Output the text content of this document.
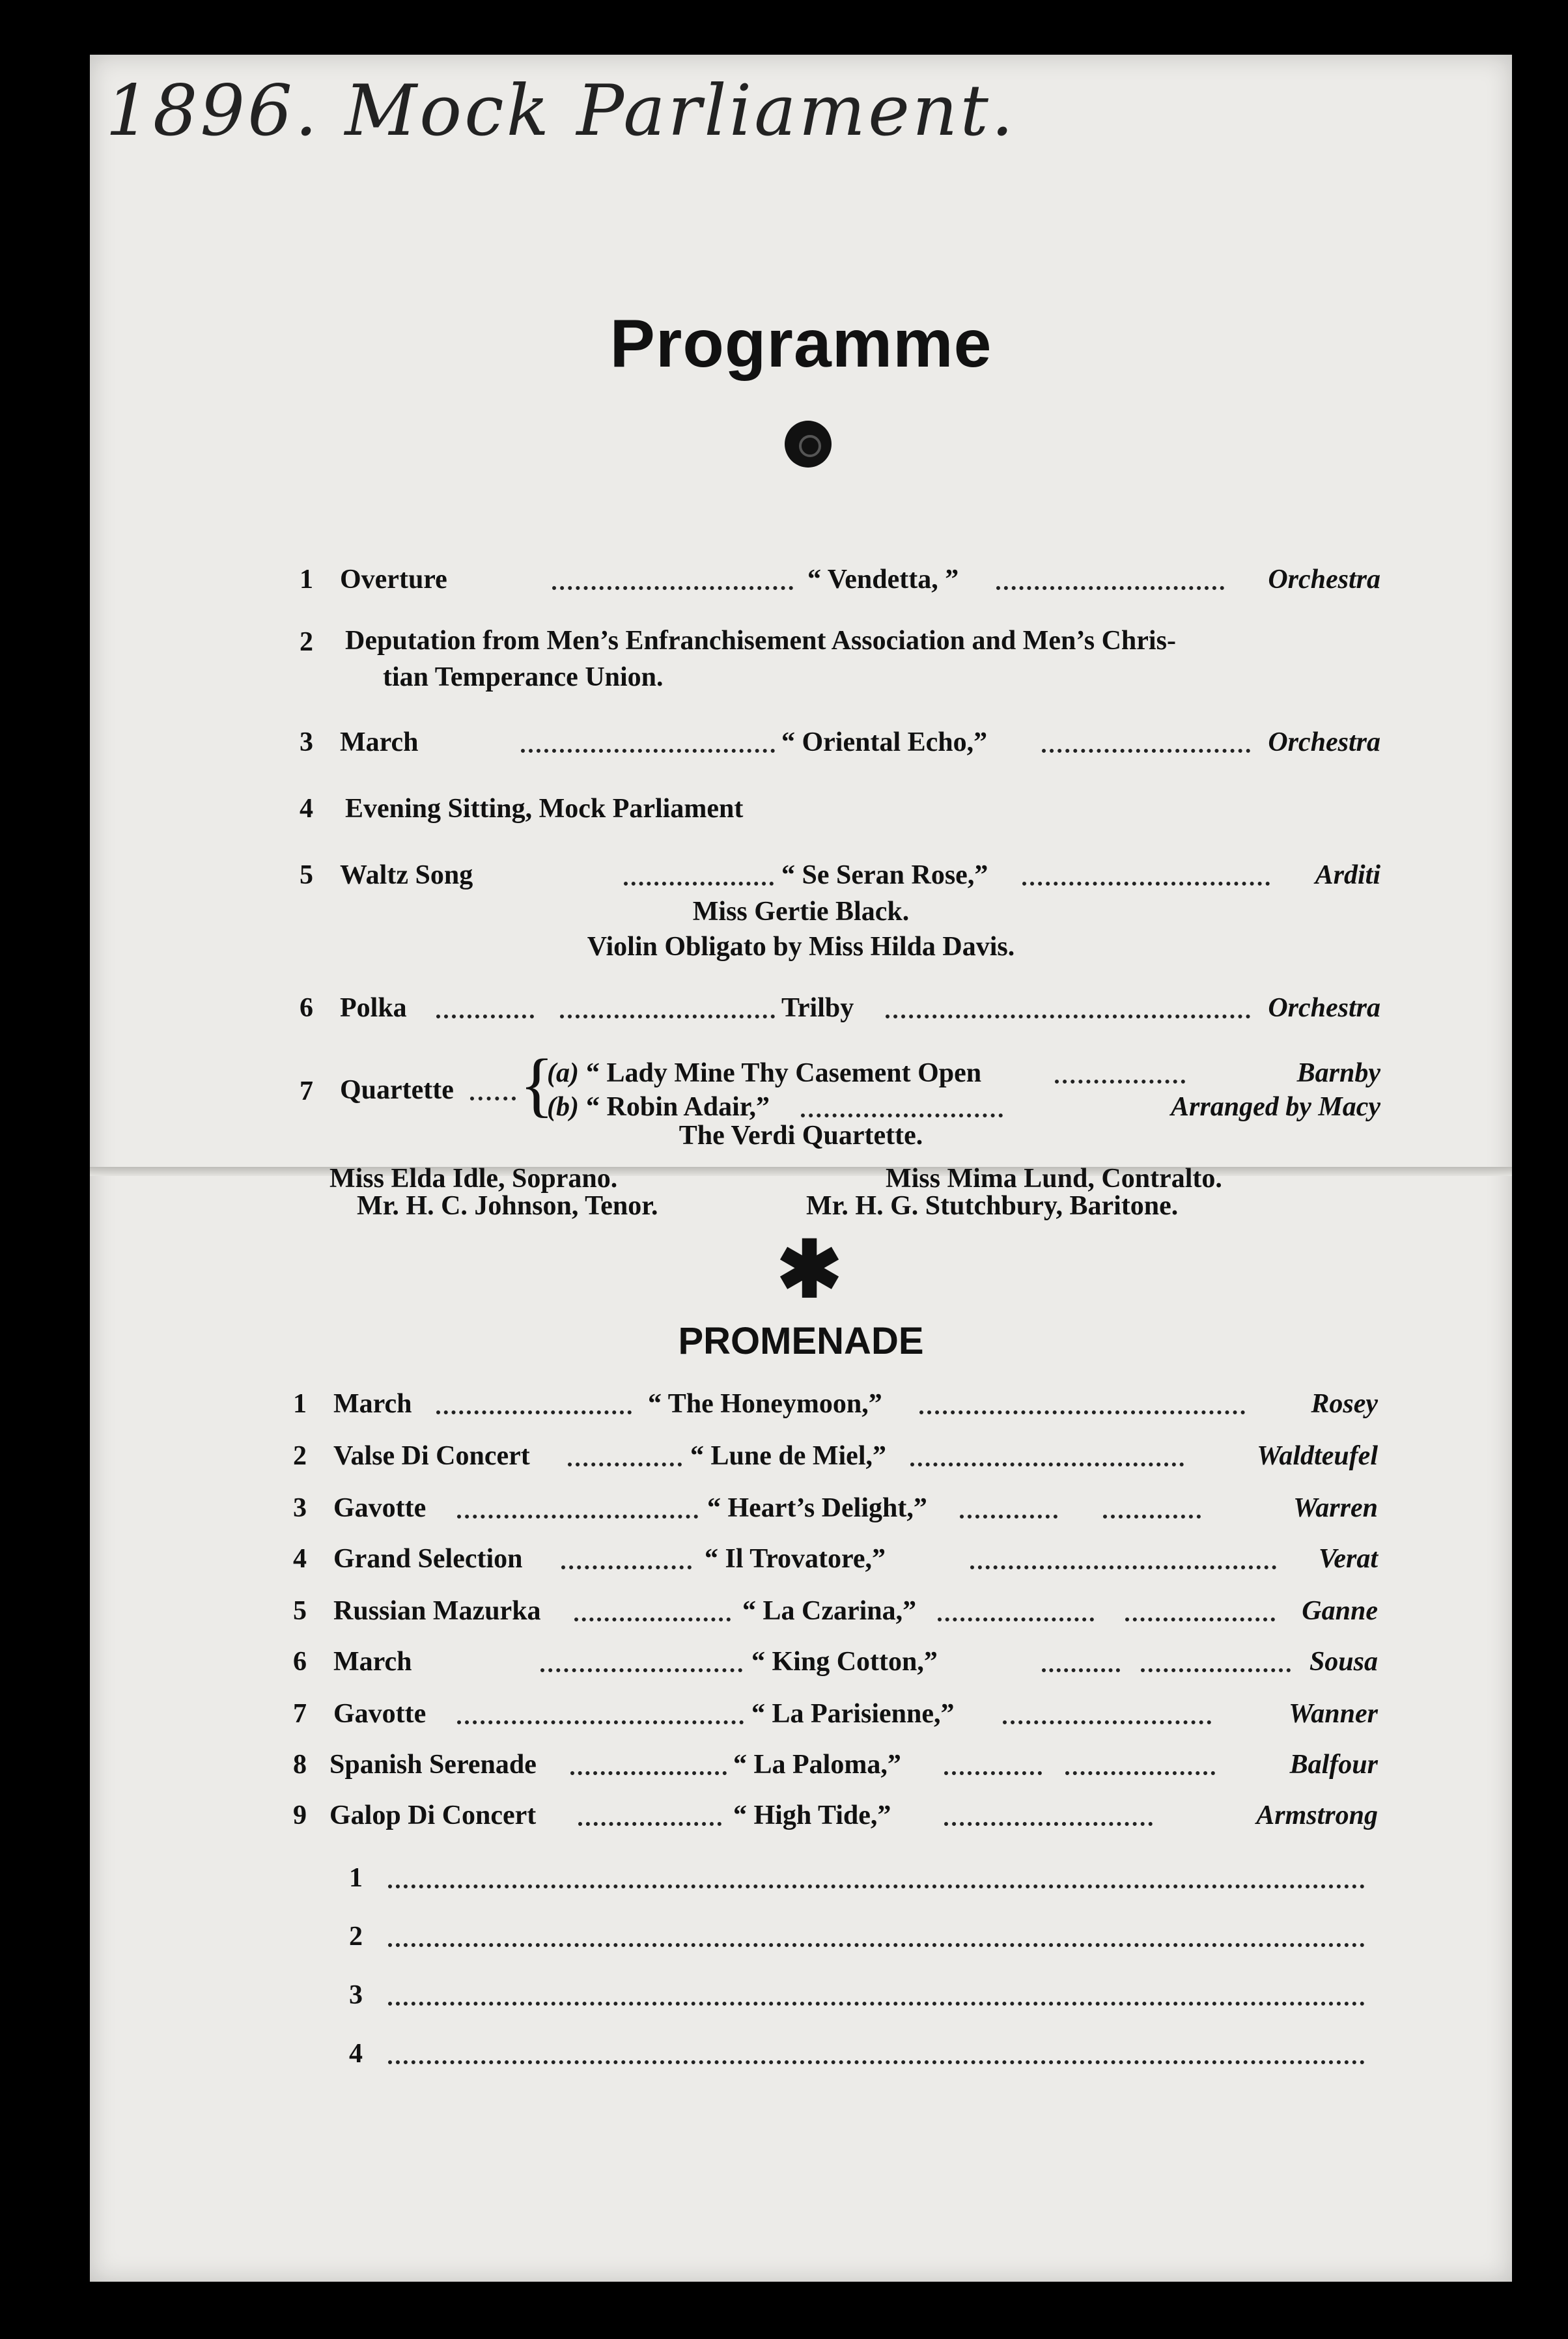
1896. Mock Parliament.
Programme
1 Overture	“ Vendetta, ”	Orchestra
2	Deputation from Men’s Enfranchisement Association and Men’s Chris-
tian Temperance Union.
3 March	“ Oriental Echo,”	Orchestra
4	Evening Sitting, Mock Parliament
5 Waltz Song	“ Se Seran Rose,”	Arditi
Miss Gertie Black.
Violin Obligato by Miss Hilda Davis.
6 Polka	Trilby	Orchestra
7 Quartette {
(a) “ Lady Mine Thy Casement Open	Barnby
(b) “ Robin Adair,”	Arranged by Macy
The Verdi Quartette.
Miss Elda Idle, Soprano.	Miss Mima Lund, Contralto.
Mr. H. C. Johnson, Tenor.	Mr. H. G. Stutchbury, Baritone.
✱
PROMENADE
1 March	“ The Honeymoon,”	Rosey
2 Valse Di Concert	“ Lune de Miel,”	Waldteufel
3 Gavotte	“ Heart’s Delight,”	Warren
4 Grand Selection	“ Il Trovatore,”	Verat
5 Russian Mazurka	“ La Czarina,”	Ganne
6 March	“ King Cotton,”	Sousa
7 Gavotte	“ La Parisienne,”	Wanner
8 Spanish Serenade	“ La Paloma,”	Balfour
9 Galop Di Concert	“ High Tide,”	Armstrong
1
2
3
4
